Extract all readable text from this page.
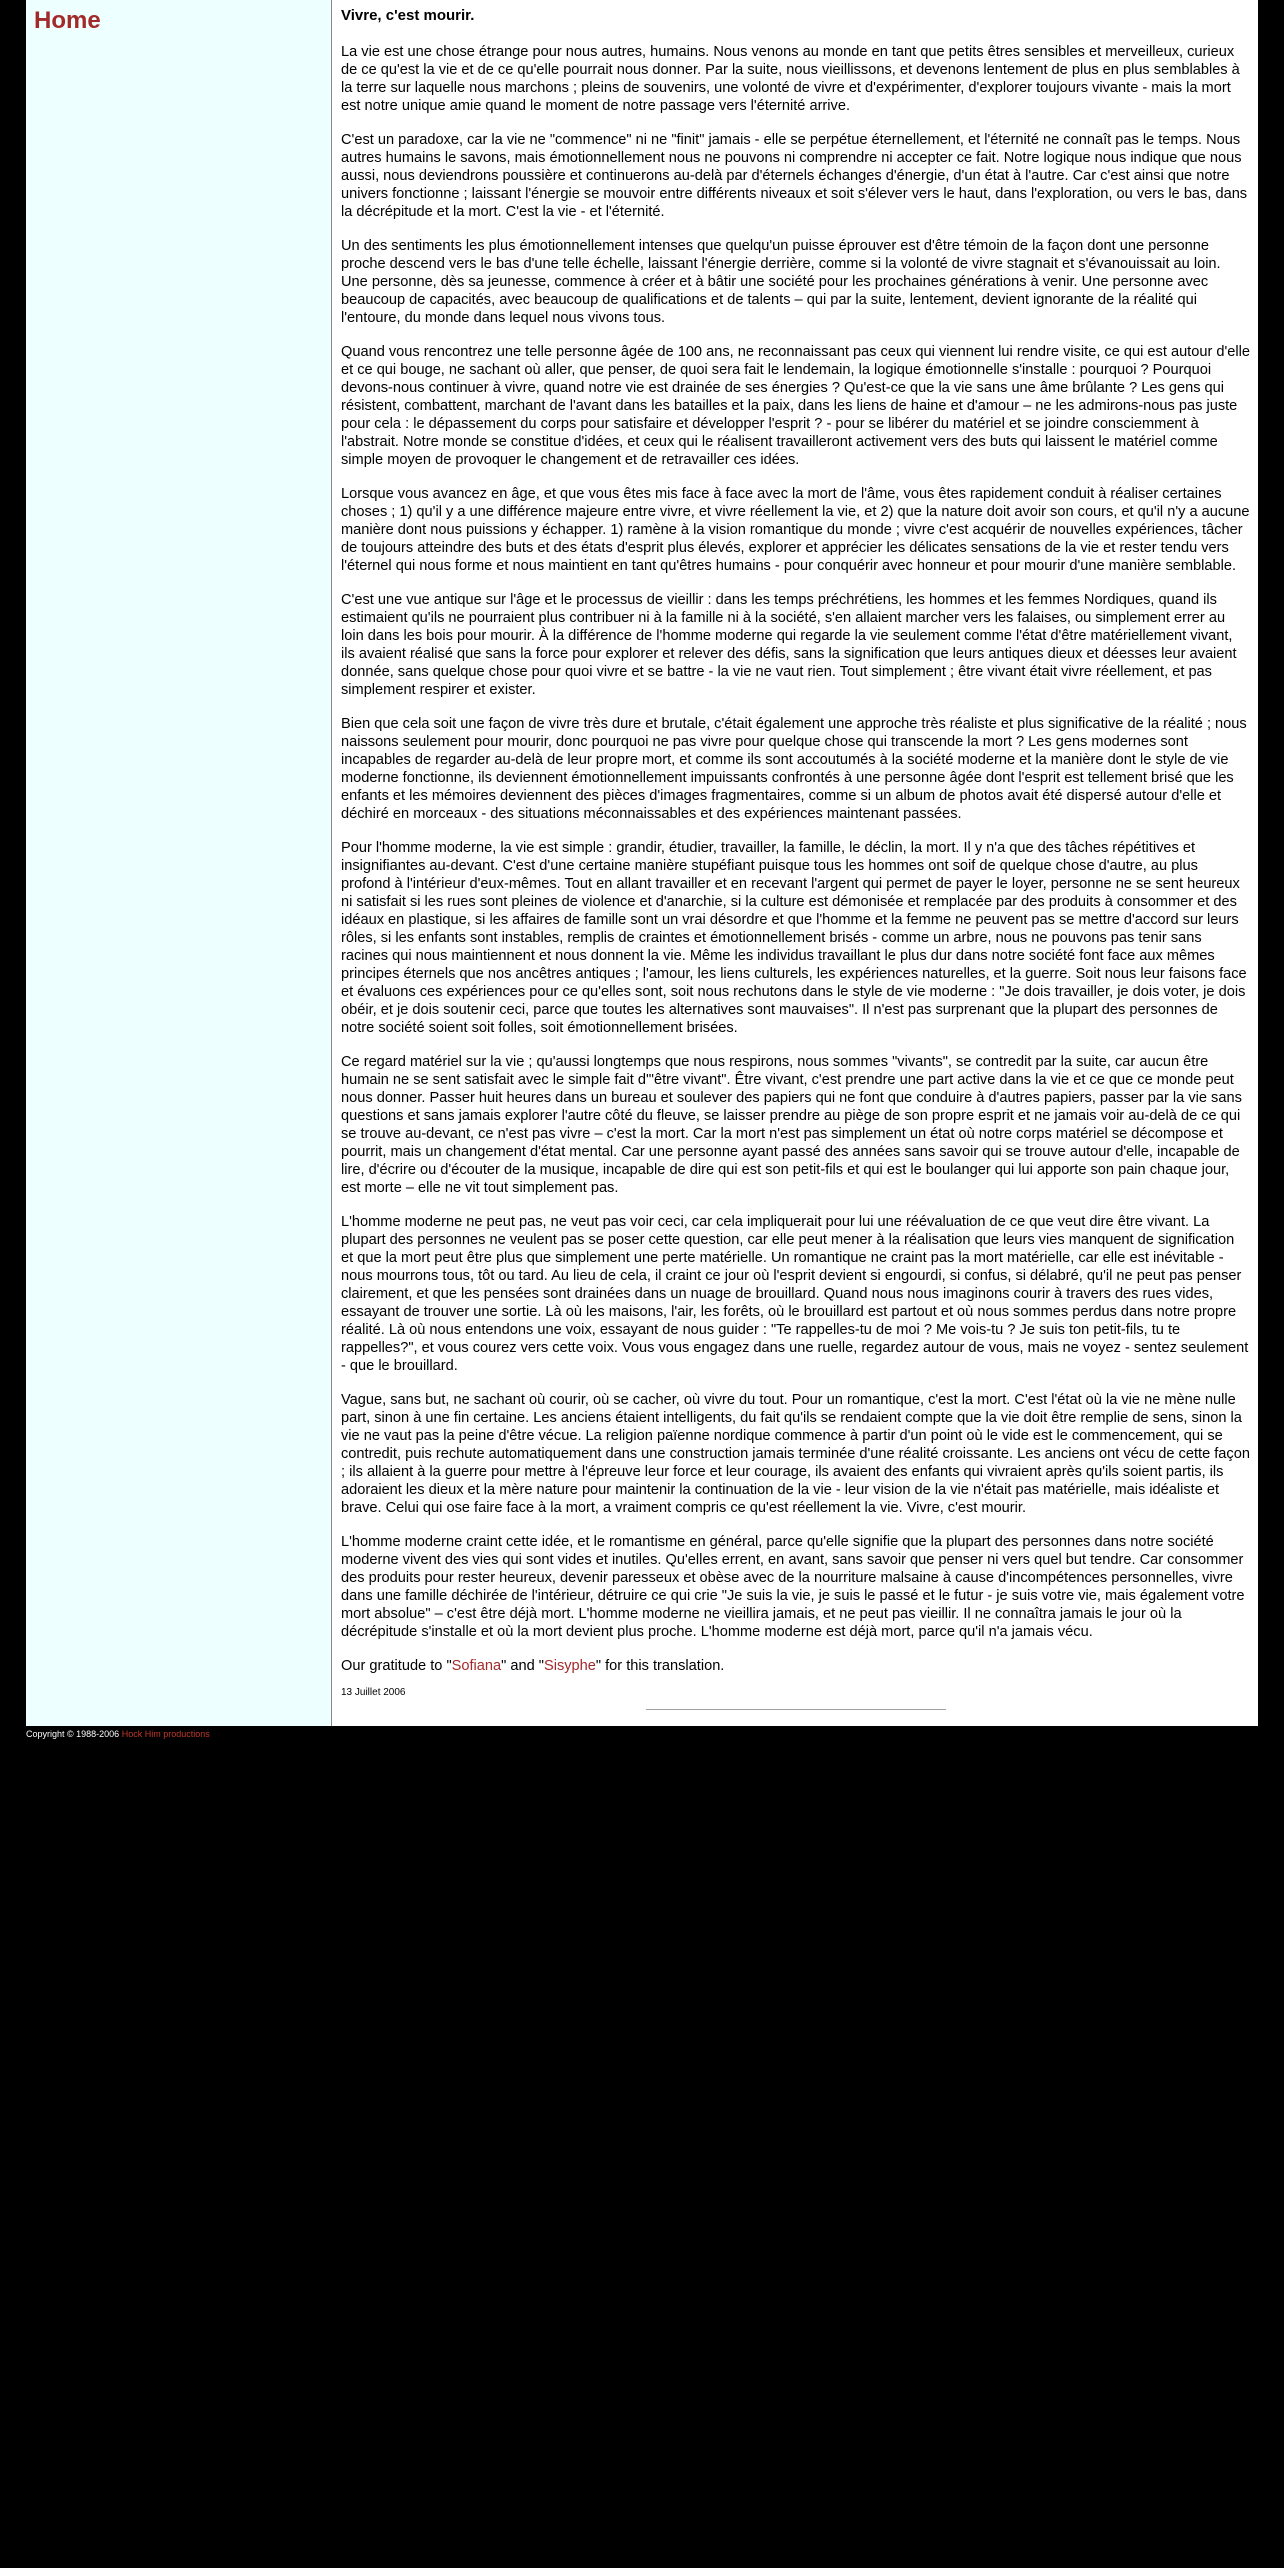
Home	Vivre, c'est mourir.

La vie est une chose étrange pour nous autres, humains. Nous venons au monde en tant que petits êtres sensibles et merveilleux, curieux de ce qu'est la vie et de ce qu'elle pourrait nous donner. Par la suite, nous vieillissons, et devenons lentement de plus en plus semblables à la terre sur laquelle nous marchons ; pleins de souvenirs, une volonté de vivre et d'expérimenter, d'explorer toujours vivante - mais la mort est notre unique amie quand le moment de notre passage vers l'éternité arrive.

C'est un paradoxe, car la vie ne "commence" ni ne "finit" jamais - elle se perpétue éternellement, et l'éternité ne connaît pas le temps. Nous autres humains le savons, mais émotionnellement nous ne pouvons ni comprendre ni accepter ce fait. Notre logique nous indique que nous aussi, nous deviendrons poussière et continuerons au-delà par d'éternels échanges d'énergie, d'un état à l'autre. Car c'est ainsi que notre univers fonctionne ; laissant l'énergie se mouvoir entre différents niveaux et soit s'élever vers le haut, dans l'exploration, ou vers le bas, dans la décrépitude et la mort. C'est la vie - et l'éternité.

Un des sentiments les plus émotionnellement intenses que quelqu'un puisse éprouver est d'être témoin de la façon dont une personne proche descend vers le bas d'une telle échelle, laissant l'énergie derrière, comme si la volonté de vivre stagnait et s'évanouissait au loin. Une personne, dès sa jeunesse, commence à créer et à bâtir une société pour les prochaines générations à venir. Une personne avec beaucoup de capacités, avec beaucoup de qualifications et de talents – qui par la suite, lentement, devient ignorante de la réalité qui l'entoure, du monde dans lequel nous vivons tous.

Quand vous rencontrez une telle personne âgée de 100 ans, ne reconnaissant pas ceux qui viennent lui rendre visite, ce qui est autour d'elle et ce qui bouge, ne sachant où aller, que penser, de quoi sera fait le lendemain, la logique émotionnelle s'installe : pourquoi ? Pourquoi devons-nous continuer à vivre, quand notre vie est drainée de ses énergies ? Qu'est-ce que la vie sans une âme brûlante ? Les gens qui résistent, combattent, marchant de l'avant dans les batailles et la paix, dans les liens de haine et d'amour – ne les admirons-nous pas juste pour cela : le dépassement du corps pour satisfaire et développer l'esprit ? - pour se libérer du matériel et se joindre consciemment à l'abstrait. Notre monde se constitue d'idées, et ceux qui le réalisent travailleront activement vers des buts qui laissent le matériel comme simple moyen de provoquer le changement et de retravailler ces idées.

Lorsque vous avancez en âge, et que vous êtes mis face à face avec la mort de l'âme, vous êtes rapidement conduit à réaliser certaines choses ; 1) qu'il y a une différence majeure entre vivre, et vivre réellement la vie, et 2) que la nature doit avoir son cours, et qu'il n'y a aucune manière dont nous puissions y échapper. 1) ramène à la vision romantique du monde ; vivre c'est acquérir de nouvelles expériences, tâcher de toujours atteindre des buts et des états d'esprit plus élevés, explorer et apprécier les délicates sensations de la vie et rester tendu vers l'éternel qui nous forme et nous maintient en tant qu'êtres humains - pour conquérir avec honneur et pour mourir d'une manière semblable.

C'est une vue antique sur l'âge et le processus de vieillir : dans les temps préchrétiens, les hommes et les femmes Nordiques, quand ils estimaient qu'ils ne pourraient plus contribuer ni à la famille ni à la société, s'en allaient marcher vers les falaises, ou simplement errer au loin dans les bois pour mourir. À la différence de l'homme moderne qui regarde la vie seulement comme l'état d'être matériellement vivant, ils avaient réalisé que sans la force pour explorer et relever des défis, sans la signification que leurs antiques dieux et déesses leur avaient donnée, sans quelque chose pour quoi vivre et se battre - la vie ne vaut rien. Tout simplement ; être vivant était vivre réellement, et pas simplement respirer et exister.

Bien que cela soit une façon de vivre très dure et brutale, c'était également une approche très réaliste et plus significative de la réalité ; nous naissons seulement pour mourir, donc pourquoi ne pas vivre pour quelque chose qui transcende la mort ? Les gens modernes sont incapables de regarder au-delà de leur propre mort, et comme ils sont accoutumés à la société moderne et la manière dont le style de vie moderne fonctionne, ils deviennent émotionnellement impuissants confrontés à une personne âgée dont l'esprit est tellement brisé que les enfants et les mémoires deviennent des pièces d'images fragmentaires, comme si un album de photos avait été dispersé autour d'elle et déchiré en morceaux - des situations méconnaissables et des expériences maintenant passées.

Pour l'homme moderne, la vie est simple : grandir, étudier, travailler, la famille, le déclin, la mort. Il y n'a que des tâches répétitives et insignifiantes au-devant. C'est d'une certaine manière stupéfiant puisque tous les hommes ont soif de quelque chose d'autre, au plus profond à l'intérieur d'eux-mêmes. Tout en allant travailler et en recevant l'argent qui permet de payer le loyer, personne ne se sent heureux ni satisfait si les rues sont pleines de violence et d'anarchie, si la culture est démonisée et remplacée par des produits à consommer et des idéaux en plastique, si les affaires de famille sont un vrai désordre et que l'homme et la femme ne peuvent pas se mettre d'accord sur leurs rôles, si les enfants sont instables, remplis de craintes et émotionnellement brisés - comme un arbre, nous ne pouvons pas tenir sans racines qui nous maintiennent et nous donnent la vie. Même les individus travaillant le plus dur dans notre société font face aux mêmes principes éternels que nos ancêtres antiques ; l'amour, les liens culturels, les expériences naturelles, et la guerre. Soit nous leur faisons face et évaluons ces expériences pour ce qu'elles sont, soit nous rechutons dans le style de vie moderne : "Je dois travailler, je dois voter, je dois obéir, et je dois soutenir ceci, parce que toutes les alternatives sont mauvaises". Il n'est pas surprenant que la plupart des personnes de notre société soient soit folles, soit émotionnellement brisées.

Ce regard matériel sur la vie ; qu'aussi longtemps que nous respirons, nous sommes "vivants", se contredit par la suite, car aucun être humain ne se sent satisfait avec le simple fait d'"être vivant". Être vivant, c'est prendre une part active dans la vie et ce que ce monde peut nous donner. Passer huit heures dans un bureau et soulever des papiers qui ne font que conduire à d'autres papiers, passer par la vie sans questions et sans jamais explorer l'autre côté du fleuve, se laisser prendre au piège de son propre esprit et ne jamais voir au-delà de ce qui se trouve au-devant, ce n'est pas vivre – c'est la mort. Car la mort n'est pas simplement un état où notre corps matériel se décompose et pourrit, mais un changement d'état mental. Car une personne ayant passé des années sans savoir qui se trouve autour d'elle, incapable de lire, d'écrire ou d'écouter de la musique, incapable de dire qui est son petit-fils et qui est le boulanger qui lui apporte son pain chaque jour, est morte – elle ne vit tout simplement pas.

L'homme moderne ne peut pas, ne veut pas voir ceci, car cela impliquerait pour lui une réévaluation de ce que veut dire être vivant. La plupart des personnes ne veulent pas se poser cette question, car elle peut mener à la réalisation que leurs vies manquent de signification et que la mort peut être plus que simplement une perte matérielle. Un romantique ne craint pas la mort matérielle, car elle est inévitable - nous mourrons tous, tôt ou tard. Au lieu de cela, il craint ce jour où l'esprit devient si engourdi, si confus, si délabré, qu'il ne peut pas penser clairement, et que les pensées sont drainées dans un nuage de brouillard. Quand nous nous imaginons courir à travers des rues vides, essayant de trouver une sortie. Là où les maisons, l'air, les forêts, où le brouillard est partout et où nous sommes perdus dans notre propre réalité. Là où nous entendons une voix, essayant de nous guider : "Te rappelles-tu de moi ? Me vois-tu ? Je suis ton petit-fils, tu te rappelles?", et vous courez vers cette voix. Vous vous engagez dans une ruelle, regardez autour de vous, mais ne voyez - sentez seulement - que le brouillard.

Vague, sans but, ne sachant où courir, où se cacher, où vivre du tout. Pour un romantique, c'est la mort. C'est l'état où la vie ne mène nulle part, sinon à une fin certaine. Les anciens étaient intelligents, du fait qu'ils se rendaient compte que la vie doit être remplie de sens, sinon la vie ne vaut pas la peine d'être vécue. La religion païenne nordique commence à partir d'un point où le vide est le commencement, qui se contredit, puis rechute automatiquement dans une construction jamais terminée d'une réalité croissante. Les anciens ont vécu de cette façon ; ils allaient à la guerre pour mettre à l'épreuve leur force et leur courage, ils avaient des enfants qui vivraient après qu'ils soient partis, ils adoraient les dieux et la mère nature pour maintenir la continuation de la vie - leur vision de la vie n'était pas matérielle, mais idéaliste et brave. Celui qui ose faire face à la mort, a vraiment compris ce qu'est réellement la vie. Vivre, c'est mourir.

L'homme moderne craint cette idée, et le romantisme en général, parce qu'elle signifie que la plupart des personnes dans notre société moderne vivent des vies qui sont vides et inutiles. Qu'elles errent, en avant, sans savoir que penser ni vers quel but tendre. Car consommer des produits pour rester heureux, devenir paresseux et obèse avec de la nourriture malsaine à cause d'incompétences personnelles, vivre dans une famille déchirée de l'intérieur, détruire ce qui crie "Je suis la vie, je suis le passé et le futur - je suis votre vie, mais également votre mort absolue" – c'est être déjà mort. L'homme moderne ne vieillira jamais, et ne peut pas vieillir. Il ne connaîtra jamais le jour où la décrépitude s'installe et où la mort devient plus proche. L'homme moderne est déjà mort, parce qu'il n'a jamais vécu.

Our gratitude to "Sofiana" and "Sisyphe" for this translation.

13 Juillet 2006
Copyright © 1988-2006 Hock Him productions
